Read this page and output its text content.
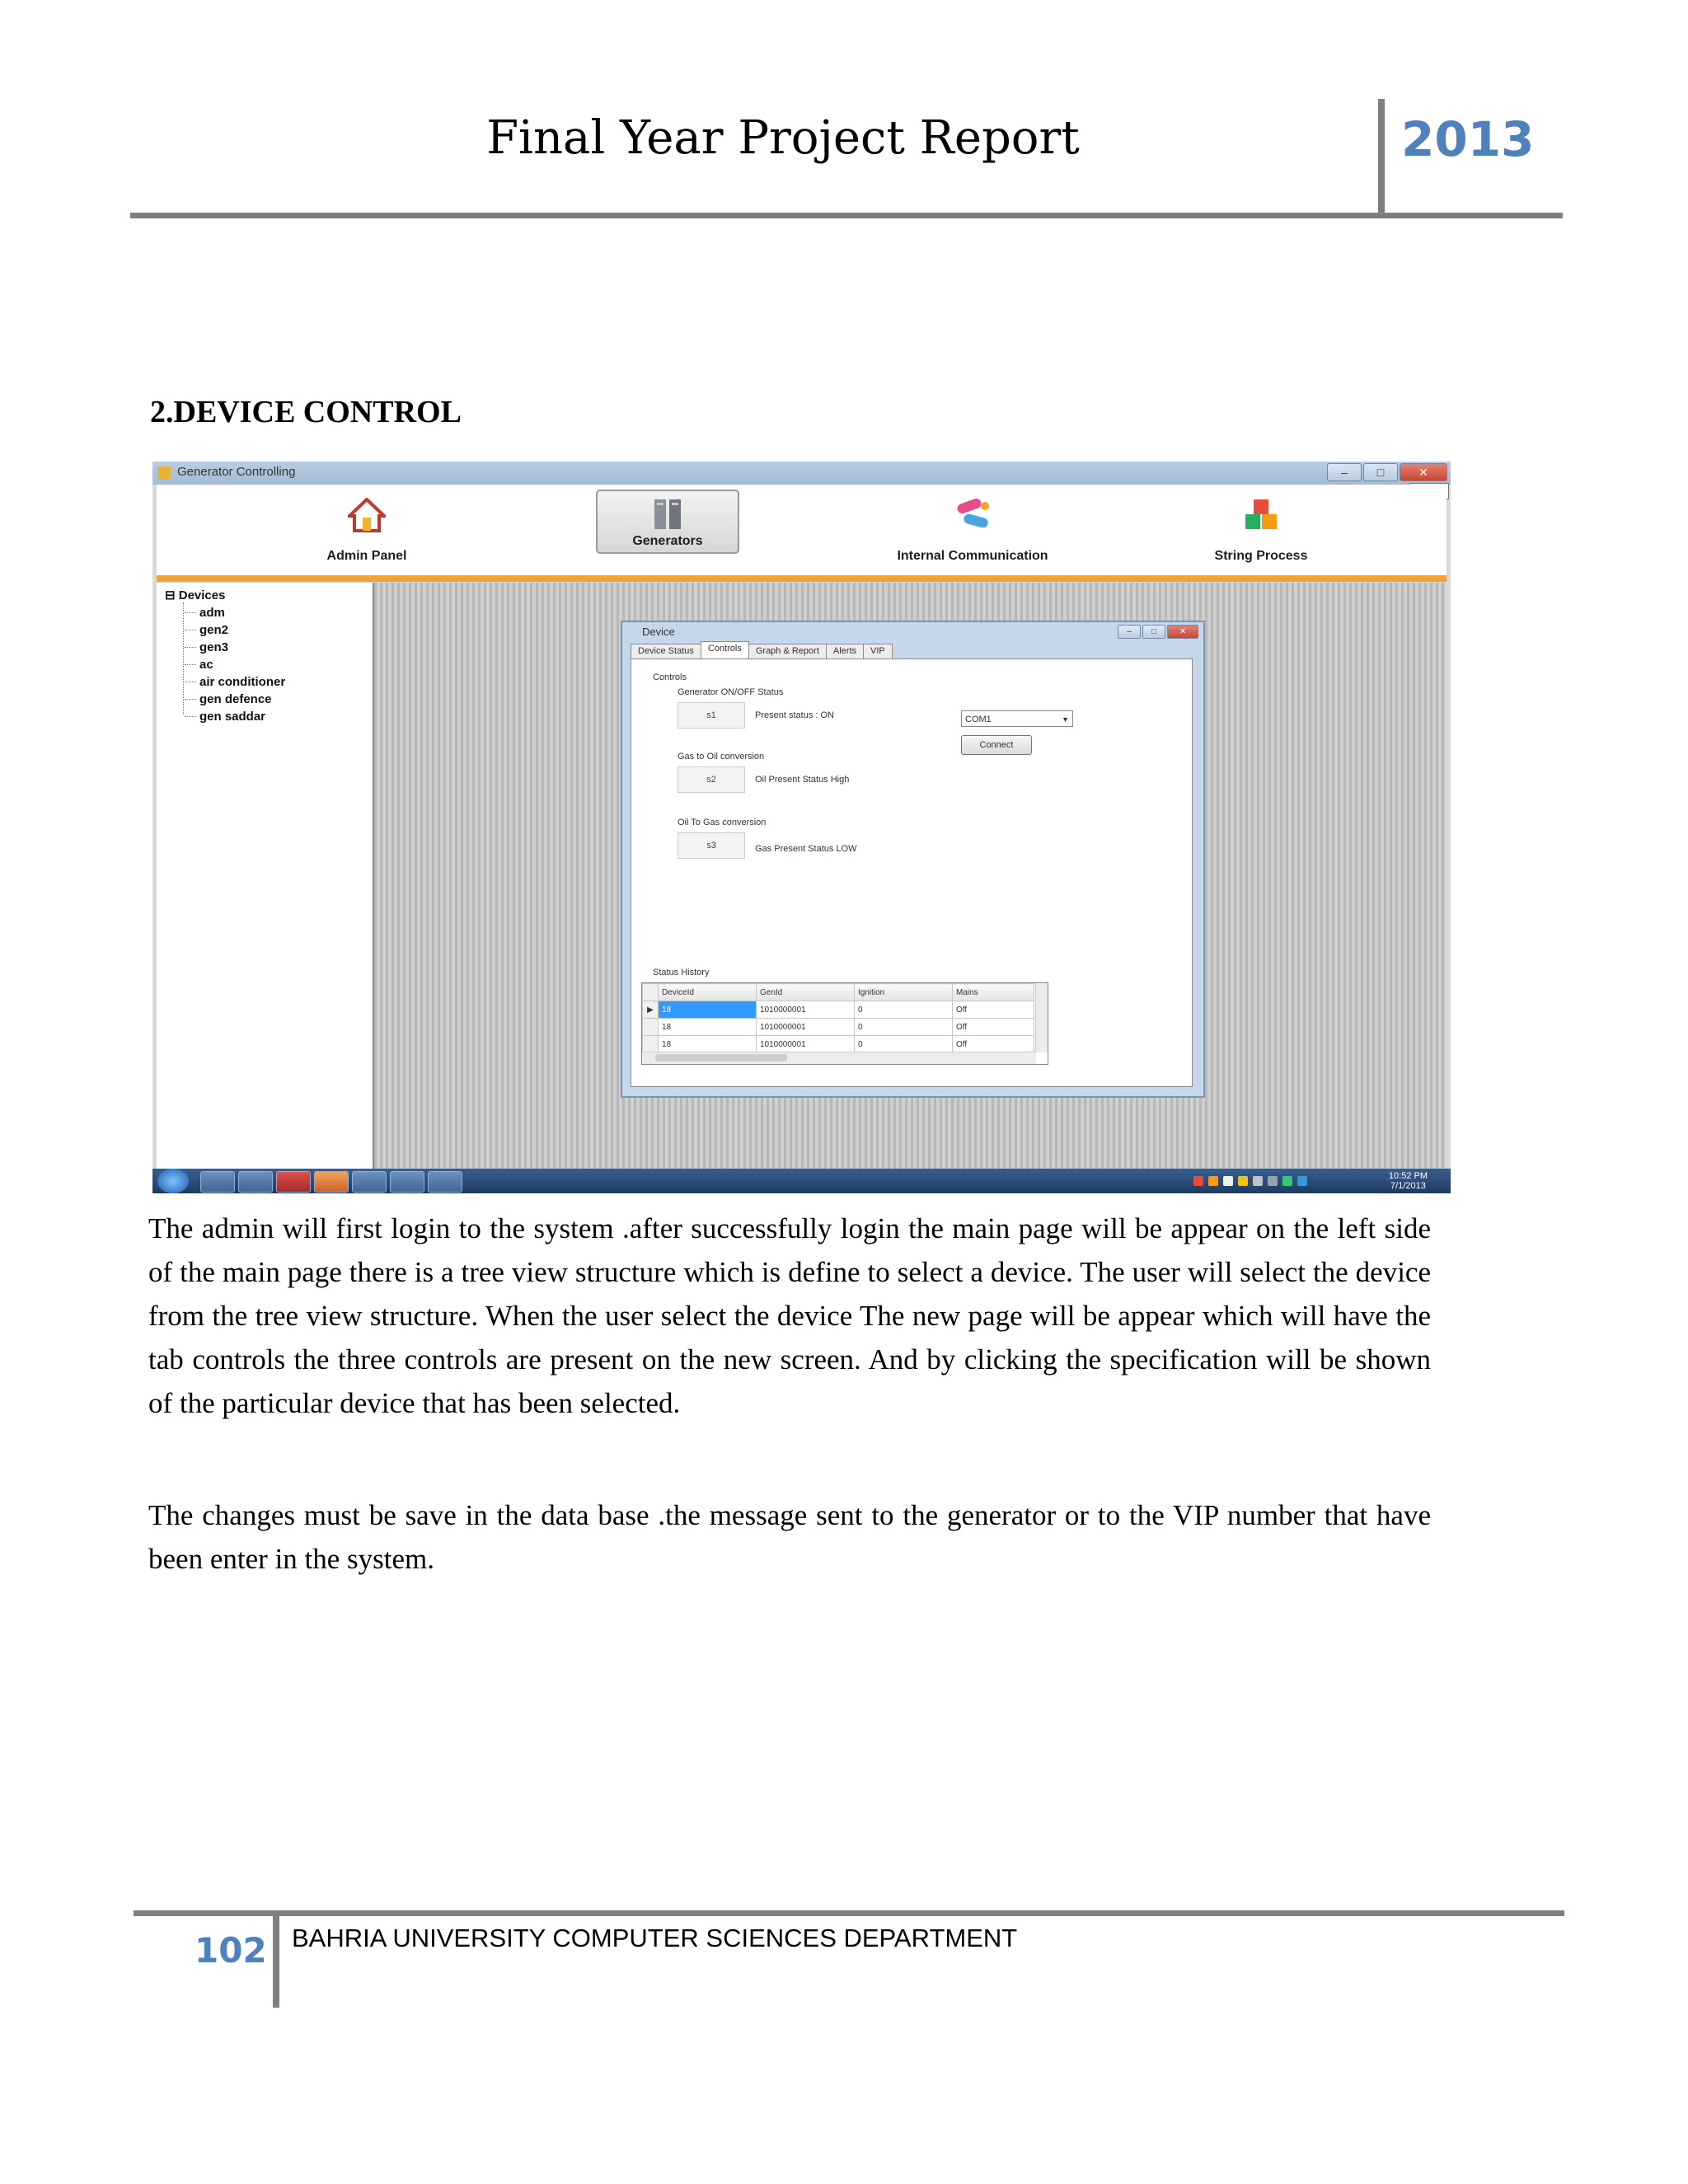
Final Year Project Report	2013
2.DEVICE CONTROL
Generator Controlling	–	□	✕
Admin Panel
Generators
Internal Communication	String Process
⊟ Devices
adm
gen2
gen3
ac
air conditioner
gen defence
gen saddar
Device	–	□	✕
Device Status	Controls	Graph & Report	Alerts	VIP
Controls
Generator ON/OFF Status
s1	Present status : ON
Gas to Oil conversion
s2	Oil Present Status High
Oil To Gas conversion
s3	Gas Present Status LOW
COM1	▼
Connect
Status History
	DeviceId	GenId	Ignition	Mains
▶	18	1010000001	0	Off
	18	1010000001	0	Off
	18	1010000001	0	Off

10:52 PM
7/1/2013

The admin will first login to the system .after successfully login the main page will be appear on the left side of the main page there is a tree view structure which is define to select a device. The user will select the device from the tree view structure. When the user select the device The new page will be appear which will have the tab controls the three controls are present on the new screen. And by clicking the specification will be shown of the particular device that has been selected.

The changes must be save in the data base .the message sent to the generator or to the VIP number that have been enter in the system.

102 BAHRIA UNIVERSITY COMPUTER SCIENCES DEPARTMENT
